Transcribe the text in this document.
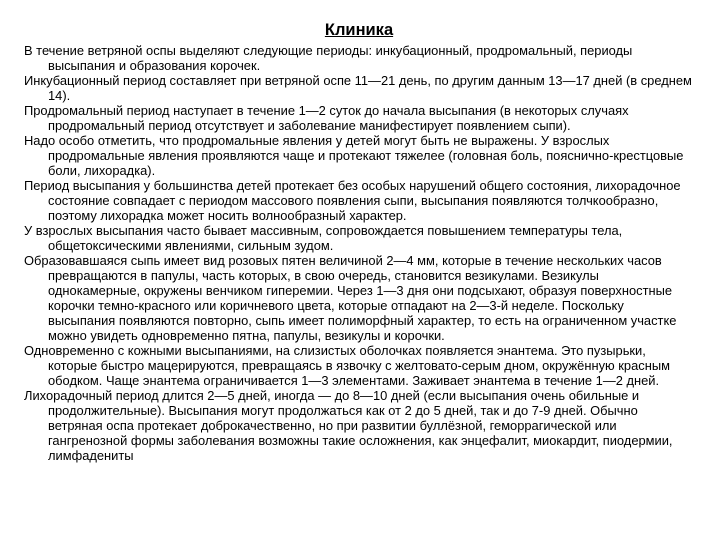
Клиника

В течение ветряной оспы выделяют следующие периоды: инкубационный, продромальный, периоды высыпания и образования корочек.

Инкубационный период составляет при ветряной оспе 11—21 день, по другим данным 13—17 дней (в среднем 14).

Продромальный период наступает в течение 1—2 суток до начала высыпания (в некоторых случаях продромальный период отсутствует и заболевание манифестирует появлением сыпи).

Надо особо отметить, что продромальные явления у детей могут быть не выражены. У взрослых продромальные явления проявляются чаще и протекают тяжелее (головная боль, пояснично-крестцовые боли, лихорадка).

Период высыпания у большинства детей протекает без особых нарушений общего состояния, лихорадочное состояние совпадает с периодом массового появления сыпи, высыпания появляются толчкообразно, поэтому лихорадка может носить волнообразный характер.

У взрослых высыпания часто бывает массивным, сопровождается повышением температуры тела, общетоксическими явлениями, сильным зудом.

Образовавшаяся сыпь имеет вид розовых пятен величиной 2—4 мм, которые в течение нескольких часов превращаются в папулы, часть которых, в свою очередь, становится везикулами. Везикулы однокамерные, окружены венчиком гиперемии. Через 1—3 дня они подсыхают, образуя поверхностные корочки темно-красного или коричневого цвета, которые отпадают на 2—3-й неделе. Поскольку высыпания появляются повторно, сыпь имеет полиморфный характер, то есть на ограниченном участке можно увидеть одновременно пятна, папулы, везикулы и корочки.

Одновременно с кожными высыпаниями, на слизистых оболочках появляется энантема. Это пузырьки, которые быстро мацерируются, превращаясь в язвочку с желтовато-серым дном, окружённую красным ободком. Чаще энантема ограничивается 1—3 элементами. Заживает энантема в течение 1—2 дней.

Лихорадочный период длится 2—5 дней, иногда — до 8—10 дней (если высыпания очень обильные и продолжительные). Высыпания могут продолжаться как от 2 до 5 дней, так и до 7-9 дней. Обычно ветряная оспа протекает доброкачественно, но при развитии буллёзной, геморрагической или гангренозной формы заболевания возможны такие осложнения, как энцефалит, миокардит, пиодермии, лимфадениты
